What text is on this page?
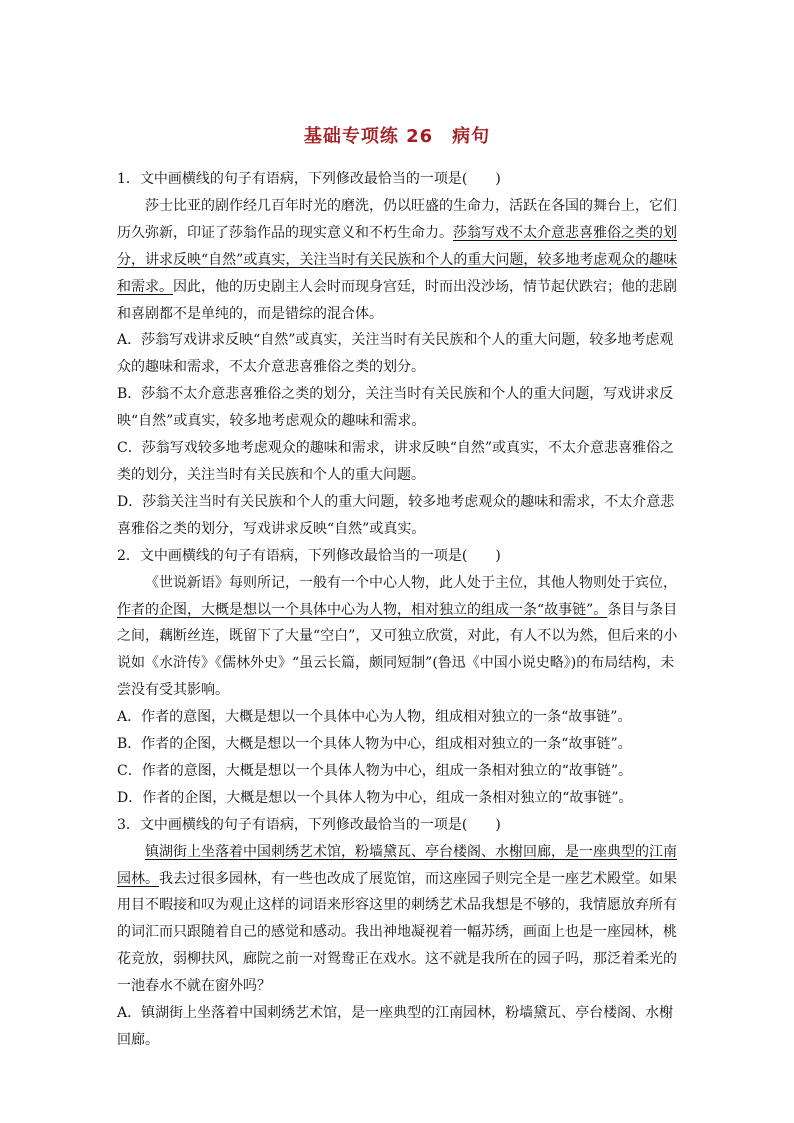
基础专项练 26　病句

1．文中画横线的句子有语病，下列修改最恰当的一项是(　　)

莎士比亚的剧作经几百年时光的磨洗，仍以旺盛的生命力，活跃在各国的舞台上，它们历久弥新，印证了莎翁作品的现实意义和不朽生命力。莎翁写戏不太介意悲喜雅俗之类的划分，讲求反映“自然”或真实，关注当时有关民族和个人的重大问题，较多地考虑观众的趣味和需求。因此，他的历史剧主人会时而现身宫廷，时而出没沙场，情节起伏跌宕；他的悲剧和喜剧都不是单纯的，而是错综的混合体。

A．莎翁写戏讲求反映“自然”或真实，关注当时有关民族和个人的重大问题，较多地考虑观众的趣味和需求，不太介意悲喜雅俗之类的划分。

B．莎翁不太介意悲喜雅俗之类的划分，关注当时有关民族和个人的重大问题，写戏讲求反映“自然”或真实，较多地考虑观众的趣味和需求。

C．莎翁写戏较多地考虑观众的趣味和需求，讲求反映“自然”或真实，不太介意悲喜雅俗之类的划分，关注当时有关民族和个人的重大问题。

D．莎翁关注当时有关民族和个人的重大问题，较多地考虑观众的趣味和需求，不太介意悲喜雅俗之类的划分，写戏讲求反映“自然”或真实。

2．文中画横线的句子有语病，下列修改最恰当的一项是(　　)

《世说新语》每则所记，一般有一个中心人物，此人处于主位，其他人物则处于宾位，作者的企图，大概是想以一个具体中心为人物，相对独立的组成一条“故事链”。条目与条目之间，藕断丝连，既留下了大量“空白”，又可独立欣赏，对此，有人不以为然，但后来的小说如《水浒传》《儒林外史》“虽云长篇，颇同短制”(鲁迅《中国小说史略》)的布局结构，未尝没有受其影响。

A．作者的意图，大概是想以一个具体中心为人物，组成相对独立的一条“故事链”。

B．作者的企图，大概是想以一个具体人物为中心，组成相对独立的一条“故事链”。

C．作者的意图，大概是想以一个具体人物为中心，组成一条相对独立的“故事链”。

D．作者的企图，大概是想以一个具体人物为中心，组成一条相对独立的“故事链”。

3．文中画横线的句子有语病，下列修改最恰当的一项是(　　)

镇湖街上坐落着中国刺绣艺术馆，粉墙黛瓦、亭台楼阁、水榭回廊，是一座典型的江南园林。我去过很多园林，有一些也改成了展览馆，而这座园子则完全是一座艺术殿堂。如果用目不暇接和叹为观止这样的词语来形容这里的刺绣艺术品我想是不够的，我情愿放弃所有的词汇而只跟随着自己的感觉和感动。我出神地凝视着一幅苏绣，画面上也是一座园林，桃花竞放，弱柳扶风，廊院之前一对鸳鸯正在戏水。这不就是我所在的园子吗，那泛着柔光的一池春水不就在窗外吗？

A．镇湖街上坐落着中国刺绣艺术馆，是一座典型的江南园林，粉墙黛瓦、亭台楼阁、水榭回廊。
